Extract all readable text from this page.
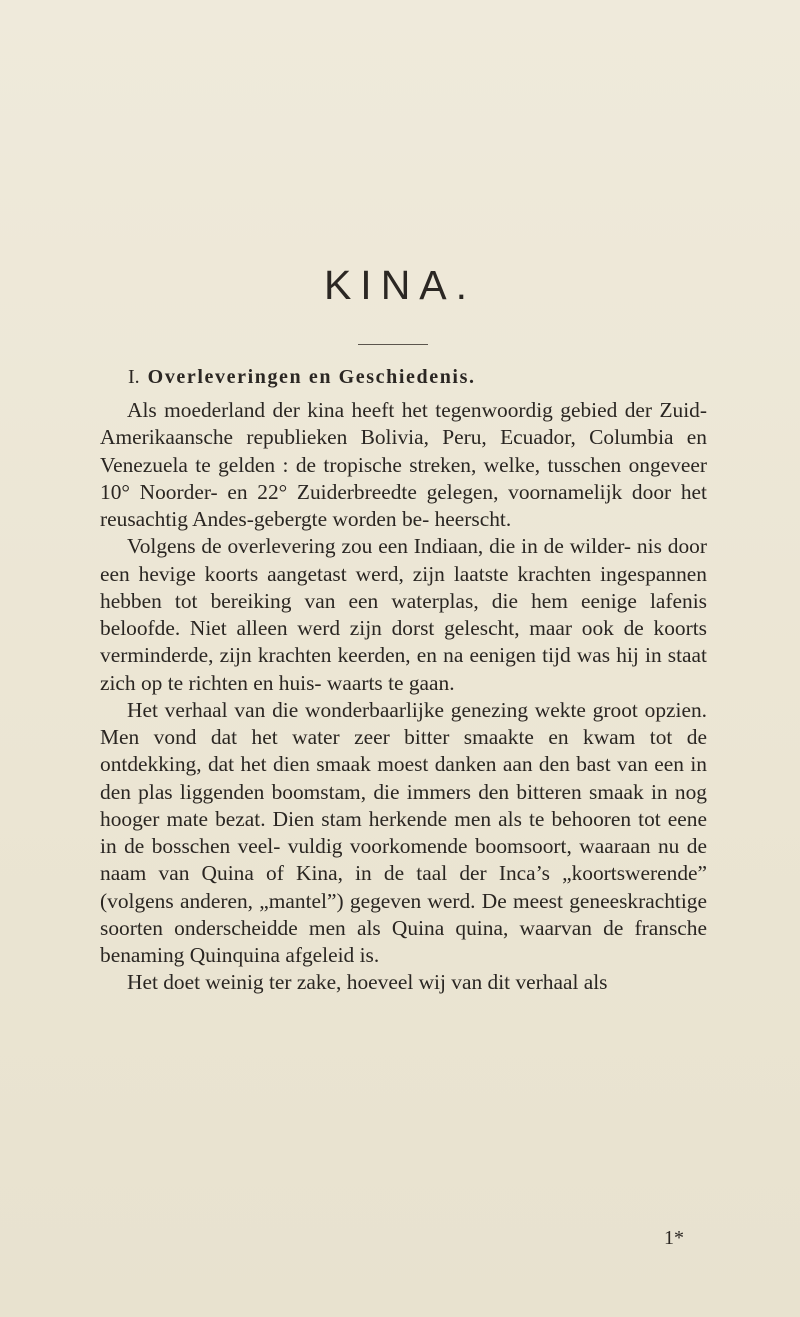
KINA.
I. Overleveringen en Geschiedenis.

Als moederland der kina heeft het tegenwoordig gebied der Zuid-Amerikaansche republieken Bolivia, Peru, Ecuador, Columbia en Venezuela te gelden : de tropische streken, welke, tusschen ongeveer 10° Noorder- en 22° Zuiderbreedte gelegen, voornamelijk door het reusachtig Andes-gebergte worden be- heerscht.

Volgens de overlevering zou een Indiaan, die in de wilder- nis door een hevige koorts aangetast werd, zijn laatste krachten ingespannen hebben tot bereiking van een waterplas, die hem eenige lafenis beloofde. Niet alleen werd zijn dorst gelescht, maar ook de koorts verminderde, zijn krachten keerden, en na eenigen tijd was hij in staat zich op te richten en huis- waarts te gaan.

Het verhaal van die wonderbaarlijke genezing wekte groot opzien. Men vond dat het water zeer bitter smaakte en kwam tot de ontdekking, dat het dien smaak moest danken aan den bast van een in den plas liggenden boomstam, die immers den bitteren smaak in nog hooger mate bezat. Dien stam herkende men als te behooren tot eene in de bosschen veel- vuldig voorkomende boomsoort, waaraan nu de naam van Quina of Kina, in de taal der Inca’s „koortswerende” (volgens anderen, „mantel”) gegeven werd. De meest geneeskrachtige soorten onderscheidde men als Quina quina, waarvan de fransche benaming Quinquina afgeleid is.

Het doet weinig ter zake, hoeveel wij van dit verhaal als

1*
